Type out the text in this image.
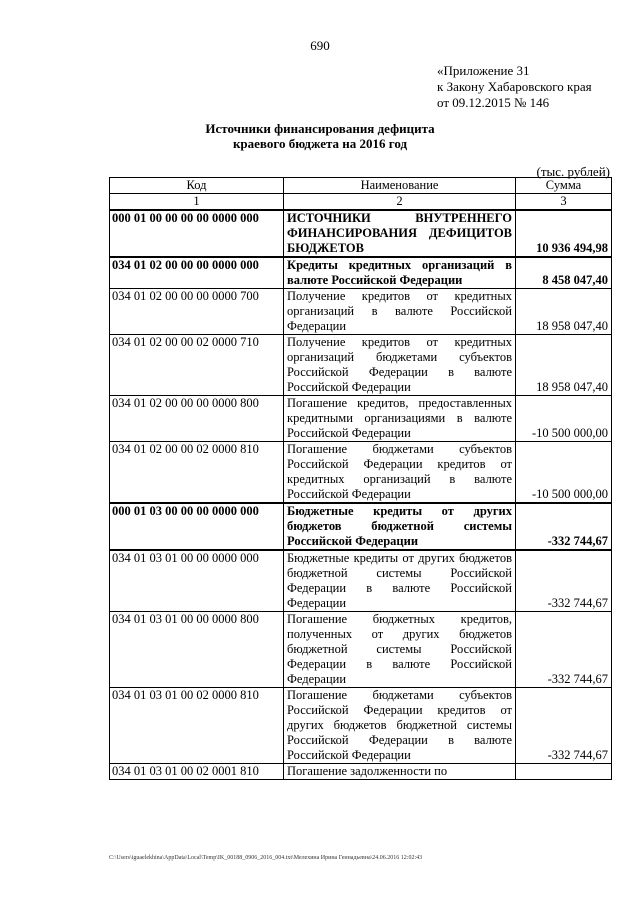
690
«Приложение 31
к Закону Хабаровского края
от 09.12.2015 № 146
Источники финансирования дефицита
краевого бюджета на 2016 год
(тыс. рублей)
Код	Наименование	Сумма
1	2	3
000 01 00 00 00 00 0000 000	ИСТОЧНИКИ ВНУТРЕННЕГО ФИНАНСИРОВАНИЯ ДЕФИЦИТОВ БЮДЖЕТОВ	10 936 494,98
034 01 02 00 00 00 0000 000	Кредиты кредитных организаций в валюте Российской Федерации	8 458 047,40
034 01 02 00 00 00 0000 700	Получение кредитов от кредитных организаций в валюте Российской Федерации	18 958 047,40
034 01 02 00 00 02 0000 710	Получение кредитов от кредитных организаций бюджетами субъектов Российской Федерации в валюте Российской Федерации	18 958 047,40
034 01 02 00 00 00 0000 800	Погашение кредитов, предоставленных кредитными организациями в валюте Российской Федерации	-10 500 000,00
034 01 02 00 00 02 0000 810	Погашение бюджетами субъектов Российской Федерации кредитов от кредитных организаций в валюте Российской Федерации	-10 500 000,00
000 01 03 00 00 00 0000 000	Бюджетные кредиты от других бюджетов бюджетной системы Российской Федерации	-332 744,67
034 01 03 01 00 00 0000 000	Бюджетные кредиты от других бюджетов бюджетной системы Российской Федерации в валюте Российской Федерации	-332 744,67
034 01 03 01 00 00 0000 800	Погашение бюджетных кредитов, полученных от других бюджетов бюджетной системы Российской Федерации в валюте Российской Федерации	-332 744,67
034 01 03 01 00 02 0000 810	Погашение бюджетами субъектов Российской Федерации кредитов от других бюджетов бюджетной системы Российской Федерации в валюте Российской Федерации	-332 744,67
034 01 03 01 00 02 0001 810	Погашение задолженности по	
C:\Users\iguaelekhina\AppData\Local\Temp\IK_00188_0906_2016_004.txt\Мелехина Ирина Геннадьевна\24.06.2016 12:02:43
